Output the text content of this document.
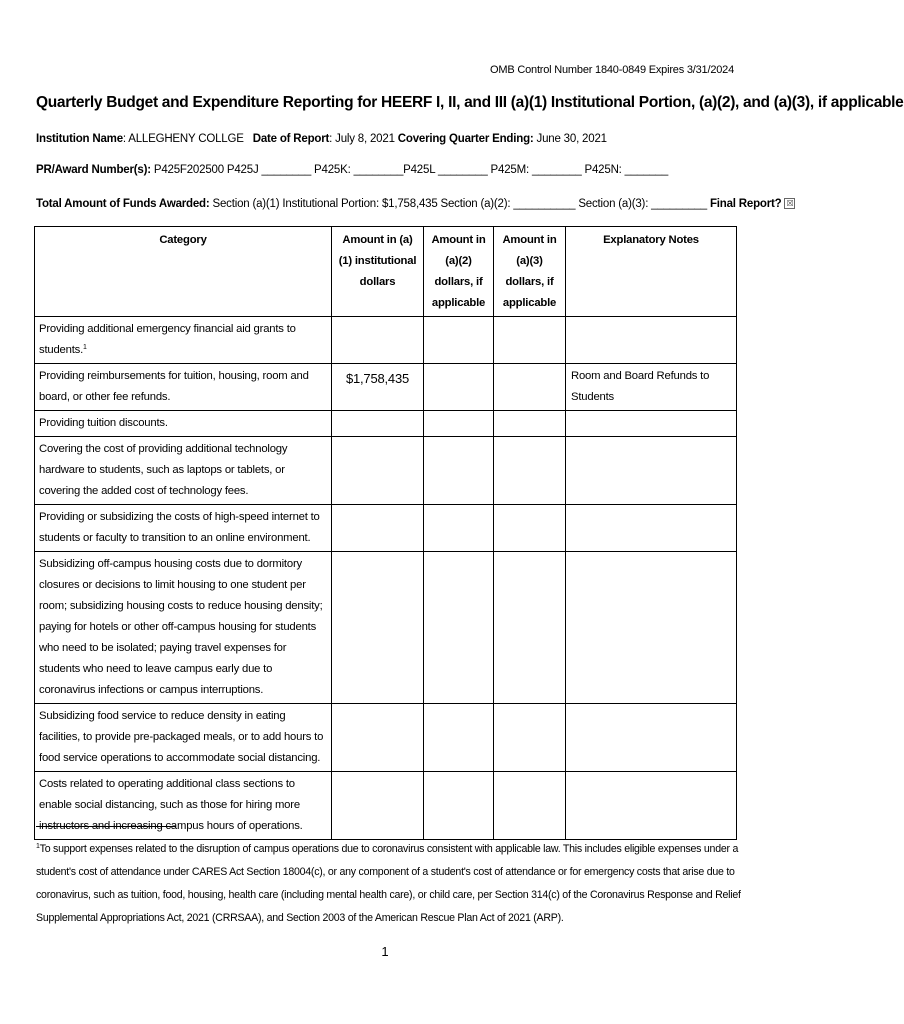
OMB Control Number 1840-0849 Expires 3/31/2024
Quarterly Budget and Expenditure Reporting for HEERF I, II, and III (a)(1) Institutional Portion, (a)(2), and (a)(3), if applicable
Institution Name: ALLEGHENY COLLGE Date of Report: July 8, 2021 Covering Quarter Ending: June 30, 2021
PR/Award Number(s): P425F202500 P425J ________ P425K: ________P425L ________ P425M: ________ P425N: _______
Total Amount of Funds Awarded: Section (a)(1) Institutional Portion: $1,758,435 Section (a)(2): __________ Section (a)(3): _________ Final Report? ☒
Category	Amount in (a)(1) institutional dollars	Amount in (a)(2) dollars, if applicable	Amount in (a)(3) dollars, if applicable	Explanatory Notes
Providing additional emergency financial aid grants to students.$^1$				
Providing reimbursements for tuition, housing, room and board, or other fee refunds.	$1,758,435			Room and Board Refunds to Students
Providing tuition discounts.				
Covering the cost of providing additional technology hardware to students, such as laptops or tablets, or covering the added cost of technology fees.				
Providing or subsidizing the costs of high-speed internet to students or faculty to transition to an online environment.				
Subsidizing off-campus housing costs due to dormitory closures or decisions to limit housing to one student per room; subsidizing housing costs to reduce housing density; paying for hotels or other off-campus housing for students who need to be isolated; paying travel expenses for students who need to leave campus early due to coronavirus infections or campus interruptions.				
Subsidizing food service to reduce density in eating facilities, to provide pre-packaged meals, or to add hours to food service operations to accommodate social distancing.				
Costs related to operating additional class sections to enable social distancing, such as those for hiring more instructors and increasing campus hours of operations.				
$^1$To support expenses related to the disruption of campus operations due to coronavirus consistent with applicable law. This includes eligible expenses under a student's cost of attendance under CARES Act Section 18004(c), or any component of a student's cost of attendance or for emergency costs that arise due to coronavirus, such as tuition, food, housing, health care (including mental health care), or child care, per Section 314(c) of the Coronavirus Response and Relief Supplemental Appropriations Act, 2021 (CRRSAA), and Section 2003 of the American Rescue Plan Act of 2021 (ARP).
1
